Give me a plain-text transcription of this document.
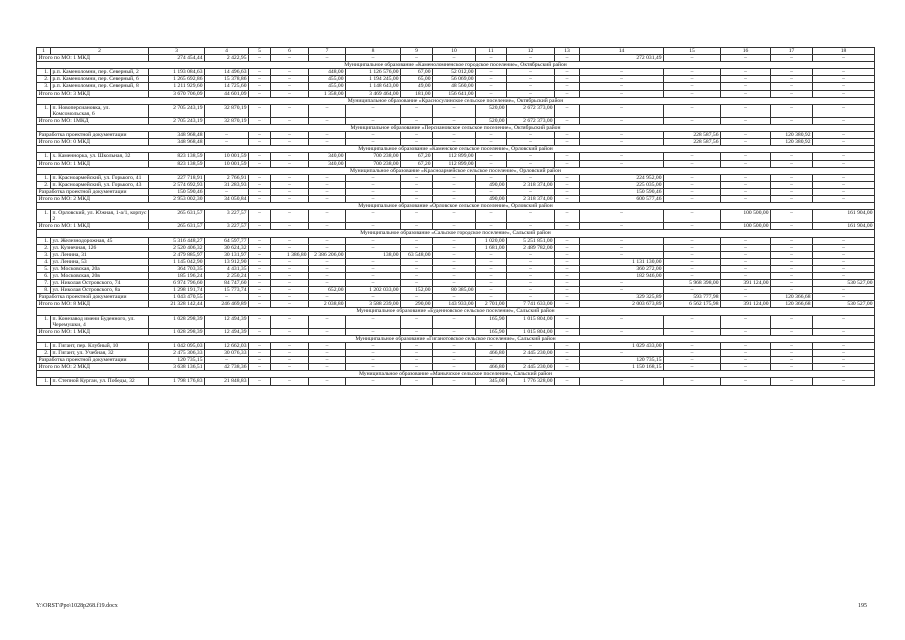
1	2	3	4	5	6	7	8	9	10	11	12	13	14	15	16	17	18
Итого по МО: 1 МКД		274 454,44	2 422,95	–	–	–	–	–	–	–	–	–	272 031,49	–	–	–	–
Муниципальное образование «Каменоломненское городское поселение», Октябрьский район																	
1.	р.п. Каменоломни, пер. Северный, 2	1 193 084,63	14 496,63	–	–	448,00	1 126 576,00	67,00	52 012,00	–	–	–	–	–	–	–	–
2.	р.п. Каменоломни, пер. Северный, 6	1 265 692,86	15 378,86	–	–	455,00	1 194 245,00	65,00	56 069,00	–	–	–	–	–	–	–	–
3.	р.п. Каменоломни, пер. Северный, 8	1 211 929,60	14 725,60	–	–	455,00	1 148 643,00	49,00	48 560,00	–	–	–	–	–	–	–	–
Итого по МО: 3 МКД		3 670 706,09	44 601,09	–	–	1 358,00	3 469 464,00	181,00	156 641,00	–	–	–	–	–	–	–	–
Муниципальное образование «Красносулинское сельское поселение», Октябрьский район																	
1.	п. Новоперсиановка, ул. Комсомольская, 6	2 705 243,19	32 870,19	–	–	–	–	–	–	520,00	2 672 373,00	–	–	–	–	–	–
Итого по МО: 1МКД		2 705 243,19	32 870,19	–	–	–	–	–	–	520,00	2 672 373,00	–	–	–	–	–	–
Муниципальное образование «Персиановское сельское поселение», Октябрьский район																	
Разработка проектной документации		348 968,48	–	–	–	–	–	–	–	–	–	–	–	228 587,56	–	120 380,92	–
Итого по МО: 0 МКД		348 968,48	–	–	–	–	–	–	–	–	–	–	–	228 587,56	–	120 380,92	–
Муниципальное образование «Каменское сельское поселение», Орловский район																	
1.	х. Каменнорка, ул. Школьная, 32	823 138,59	10 001,59	–	–	340,00	700 238,00	67,20	112 899,00	–	–	–	–	–	–	–	–
Итого по МО: 1 МКД		823 138,59	10 001,59	–	–	340,00	700 238,00	67,20	112 899,00	–	–	–	–	–	–	–	–
Муниципальное образование «Красноармейское сельское поселение», Орловский район																	
1.	п. Красноармейский, ул. Горького, 41	227 718,91	2 766,91	–	–	–	–	–	–	–	–	–	224 952,00	–	–	–	–
2.	п. Красноармейский, ул. Горького, 43	2 574 692,93	31 283,93	–	–	–	–	–	–	490,00	2 318 374,00	–	225 035,00	–	–	–	–
Разработка проектной документации		150 590,46	–	–	–	–	–	–	–	–	–	–	150 590,46	–	–	–	–
Итого по МО: 2 МКД		2 953 002,30	34 050,84	–	–	–	–	–	–	490,00	2 318 374,00	–	600 577,46	–	–	–	–
Муниципальное образование «Орловское сельское поселение», Орловский район																	
1.	п. Орловский, ул. Южная, 1-а/1, корпус 2	265 631,57	3 227,57	–	–	–	–	–	–	–	–	–	–	–	100 500,00	–	161 904,00
Итого по МО: 1 МКД		265 631,57	3 227,57	–	–	–	–	–	–	–	–	–	–	–	100 500,00	–	161 904,00
Муниципальное образование «Сальское городское поселение», Сальский район																	
1.	ул. Железнодорожная, 45	5 316 448,27	64 597,77	–	–	–	–	–	–	1 020,00	5 251 851,00	–	–	–	–	–	–
2.	ул. Кузнечная, 126	2 520 406,32	30 624,32	–	–	–	–	–	–	1 681,00	2 489 782,00	–	–	–	–	–	–
3.	ул. Ленина, 31	2 479 885,97	30 131,97	–	1 386,80	2 386 206,00	138,00	63 548,00	–	–	–	–	–	–	–	–	–
4.	ул. Ленина, 53	1 145 042,90	13 912,90	–	–	–	–	–	–	–	–	–	1 131 130,00	–	–	–	–
5.	ул. Московская, 20а	364 703,35	4 431,35	–	–	–	–	–	–	–	–	–	360 272,00	–	–	–	–
6.	ул. Московская, 20в	185 196,24	2 250,24	–	–	–	–	–	–	–	–	–	182 946,00	–	–	–	–
7.	ул. Николая Островского, 74	6 974 796,60	84 747,60	–	–	–	–	–	–	–	–	–	–	5 968 398,00	391 124,00	–	530 527,00
8.	ул. Николая Островского, 8а	1 298 191,74	15 773,74	–	–	652,00	1 202 033,00	152,00	80 385,00	–	–	–	–	–	–	–	–
Разработка проектной документации		1 043 470,55	–	–	–	–	–	–	–	–	–	–	329 325,89	593 777,98	–	120 366,68	–
Итого по МО: 8 МКД		21 328 142,44	246 469,89	–	–	2 038,80	3 588 239,00	290,00	143 933,00	2 701,00	7 741 633,00	–	2 003 673,89	6 562 175,98	391 124,00	120 366,68	530 527,00
Муниципальное образование «Буденновское сельское поселение», Сальский район																	
1.	п. Конезавод имени Буденного, ул. Черемушки, 4	1 028 298,39	12 494,39	–	–	–	–	–	–	165,90	1 015 804,00	–	–	–	–	–	–
Итого по МО: 1 МКД		1 028 298,39	12 494,39	–	–	–	–	–	–	165,90	1 015 804,00	–	–	–	–	–	–
Муниципальное образование «Гиганотовское сельское поселение», Сальский район																	
1.	п. Гигант, пер. Клубный, 10	1 042 095,03	12 662,03	–	–	–	–	–	–	–	–	–	1 029 433,00	–	–	–	–
2.	п. Гигант, ул. Учебная, 32	2 475 306,33	30 076,33	–	–	–	–	–	–	466,80	2 445 230,00	–	–	–	–	–	–
Разработка проектной документации		120 735,15	–	–	–	–	–	–	–	–	–	–	120 735,15	–	–	–	–
Итого по МО: 2 МКД		3 638 136,51	42 738,36	–	–	–	–	–	–	466,80	2 445 230,00	–	1 150 168,15	–	–	–	–
Муниципальное образование «Манычское сельское поселение», Сальский район																	
1.	п. Степной Курган, ул. Победы, 32	1 798 176,83	21 848,83	–	–	–	–	–	–	345,00	1 776 328,00	–	–	–	–	–	–
Y:\ORST\Ppo\1028p268.f19.docx	195
